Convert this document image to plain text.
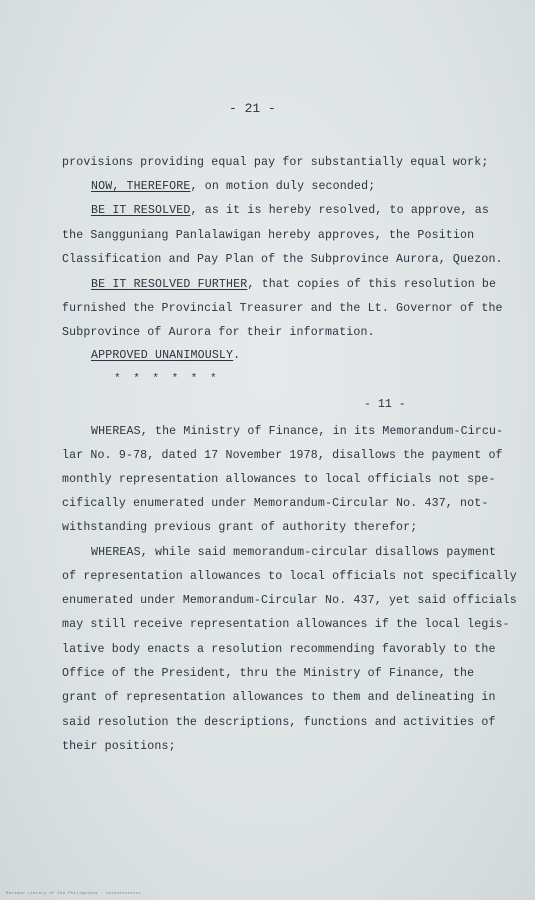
- 21 -
provisions providing equal pay for substantially equal work;
NOW, THEREFORE, on motion duly seconded;
BE IT RESOLVED, as it is hereby resolved, to approve, as
the Sangguniang Panlalawigan hereby approves, the Position
Classification and Pay Plan of the Subprovince Aurora, Quezon.
BE IT RESOLVED FURTHER, that copies of this resolution be
furnished the Provincial Treasurer and the Lt. Governor of the
Subprovince of Aurora for their information.
APPROVED UNANIMOUSLY.
* * * * * *
- 11 -
WHEREAS, the Ministry of Finance, in its Memorandum-Circu-
lar No. 9-78, dated 17 November 1978, disallows the payment of
monthly representation allowances to local officials not spe-
cifically enumerated under Memorandum-Circular No. 437, not-
withstanding previous grant of authority therefor;
WHEREAS, while said memorandum-circular disallows payment
of representation allowances to local officials not specifically
enumerated under Memorandum-Circular No. 437, yet said officials
may still receive representation allowances if the local legis-
lative body enacts a resolution recommending favorably to the
Office of the President, thru the Ministry of Finance, the
grant of representation allowances to them and delineating in
said resolution the descriptions, functions and activities of
their positions;
Mariano Library of the Philippines · xxxxxxxxxxxxx
